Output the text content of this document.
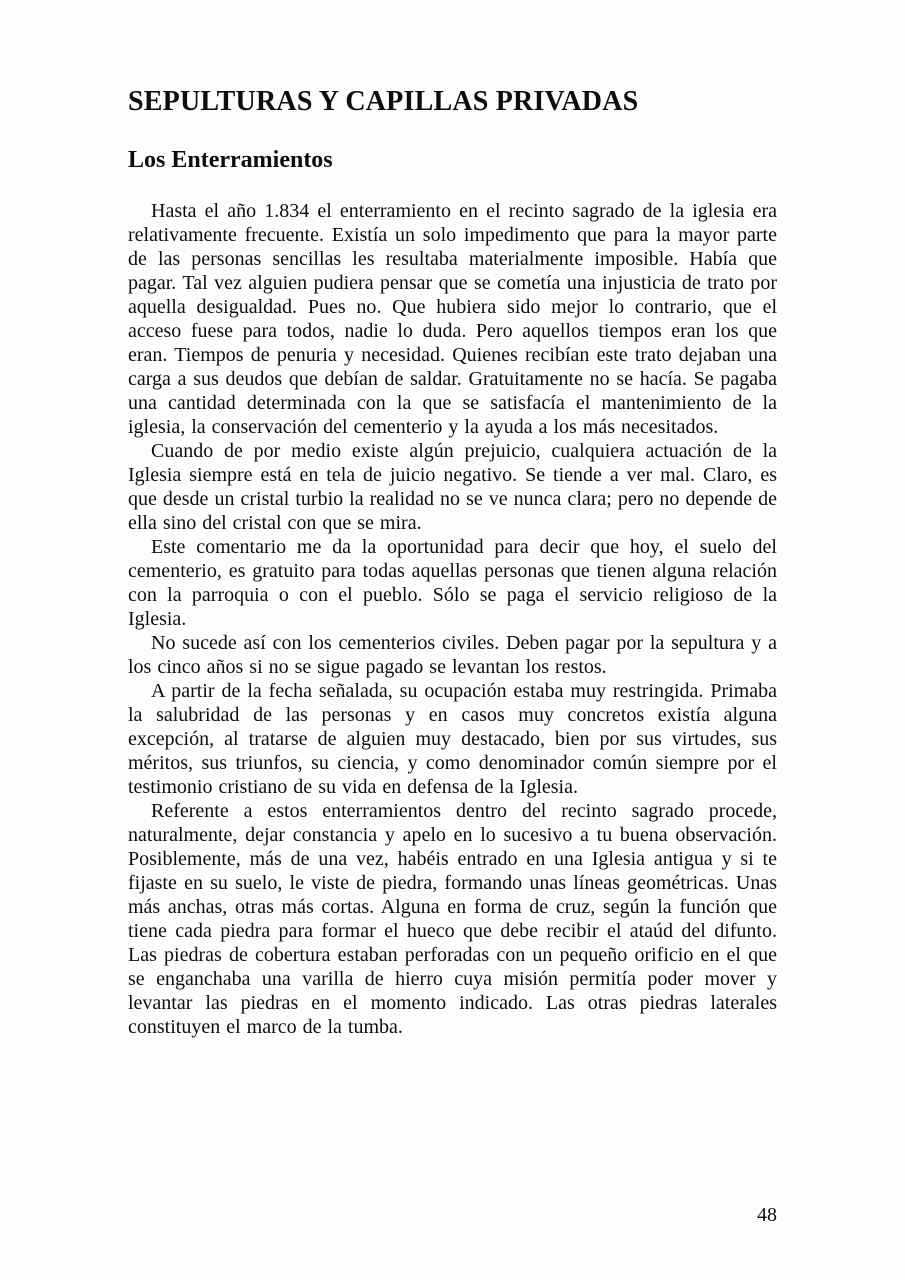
SEPULTURAS Y CAPILLAS PRIVADAS
Los Enterramientos

Hasta el año 1.834 el enterramiento en el recinto sagrado de la iglesia era relativamente frecuente. Existía un solo impedimento que para la mayor parte de las personas sencillas les resultaba materialmente imposible. Había que pagar. Tal vez alguien pudiera pensar que se cometía una injusticia de trato por aquella desigualdad. Pues no. Que hubiera sido mejor lo contrario, que el acceso fuese para todos, nadie lo duda. Pero aquellos tiempos eran los que eran. Tiempos de penuria y necesidad. Quienes recibían este trato dejaban una carga a sus deudos que debían de saldar. Gratuitamente no se hacía. Se pagaba una cantidad determinada con la que se satisfacía el mantenimiento de la iglesia, la conservación del cementerio y la ayuda a los más necesitados.

Cuando de por medio existe algún prejuicio, cualquiera actuación de la Iglesia siempre está en tela de juicio negativo. Se tiende a ver mal. Claro, es que desde un cristal turbio la realidad no se ve nunca clara; pero no depende de ella sino del cristal con que se mira.

Este comentario me da la oportunidad para decir que hoy, el suelo del cementerio, es gratuito para todas aquellas personas que tienen alguna relación con la parroquia o con el pueblo. Sólo se paga el servicio religioso de la Iglesia.

No sucede así con los cementerios civiles. Deben pagar por la sepultura y a los cinco años si no se sigue pagado se levantan los restos.

A partir de la fecha señalada, su ocupación estaba muy restringida. Primaba la salubridad de las personas y en casos muy concretos existía alguna excepción, al tratarse de alguien muy destacado, bien por sus virtudes, sus méritos, sus triunfos, su ciencia, y como denominador común siempre por el testimonio cristiano de su vida en defensa de la Iglesia.

Referente a estos enterramientos dentro del recinto sagrado procede, naturalmente, dejar constancia y apelo en lo sucesivo a tu buena observación. Posiblemente, más de una vez, habéis entrado en una Iglesia antigua y si te fijaste en su suelo, le viste de piedra, formando unas líneas geométricas. Unas más anchas, otras más cortas. Alguna en forma de cruz, según la función que tiene cada piedra para formar el hueco que debe recibir el ataúd del difunto. Las piedras de cobertura estaban perforadas con un pequeño orificio en el que se enganchaba una varilla de hierro cuya misión permitía poder mover y levantar las piedras en el momento indicado. Las otras piedras laterales constituyen el marco de la tumba.

48
